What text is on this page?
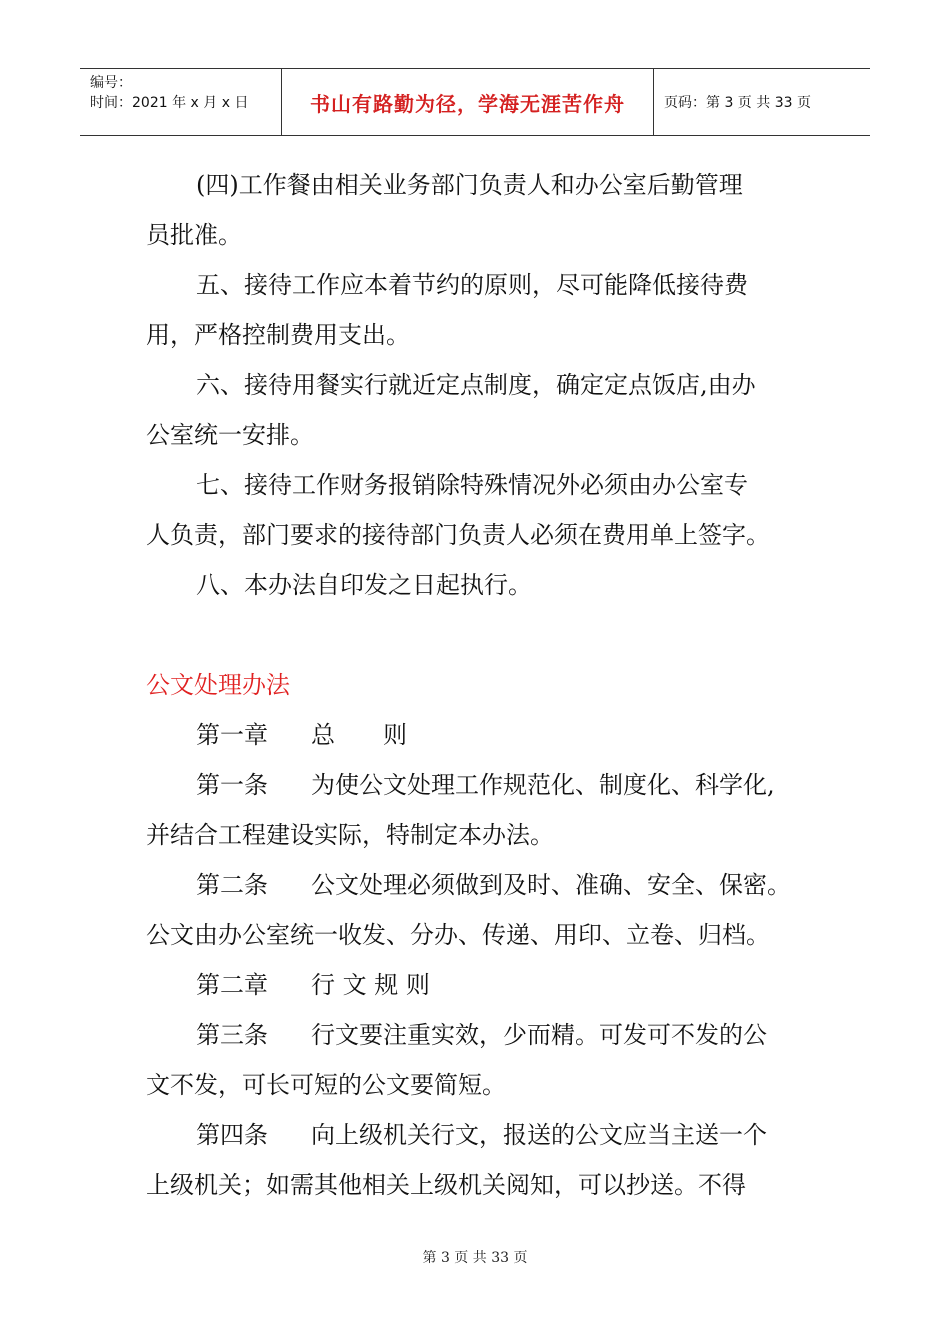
编号：
时间：2021 年 x 月 x 日	书山有路勤为径，学海无涯苦作舟	页码：第 3 页 共 33 页
(四)工作餐由相关业务部门负责人和办公室后勤管理
员批准。
五、接待工作应本着节约的原则，尽可能降低接待费
用，严格控制费用支出。
六、接待用餐实行就近定点制度，确定定点饭店,由办
公室统一安排。
七、接待工作财务报销除特殊情况外必须由办公室专
人负责，部门要求的接待部门负责人必须在费用单上签字。
八、本办法自印发之日起执行。
公文处理办法
第一章 总　　则
第一条 为使公文处理工作规范化、制度化、科学化,
并结合工程建设实际，特制定本办法。
第二条 公文处理必须做到及时、准确、安全、保密。
公文由办公室统一收发、分办、传递、用印、立卷、归档。
第二章 行 文 规 则
第三条 行文要注重实效，少而精。可发可不发的公
文不发，可长可短的公文要简短。
第四条 向上级机关行文，报送的公文应当主送一个
上级机关；如需其他相关上级机关阅知，可以抄送。不得
第 3 页 共 33 页
